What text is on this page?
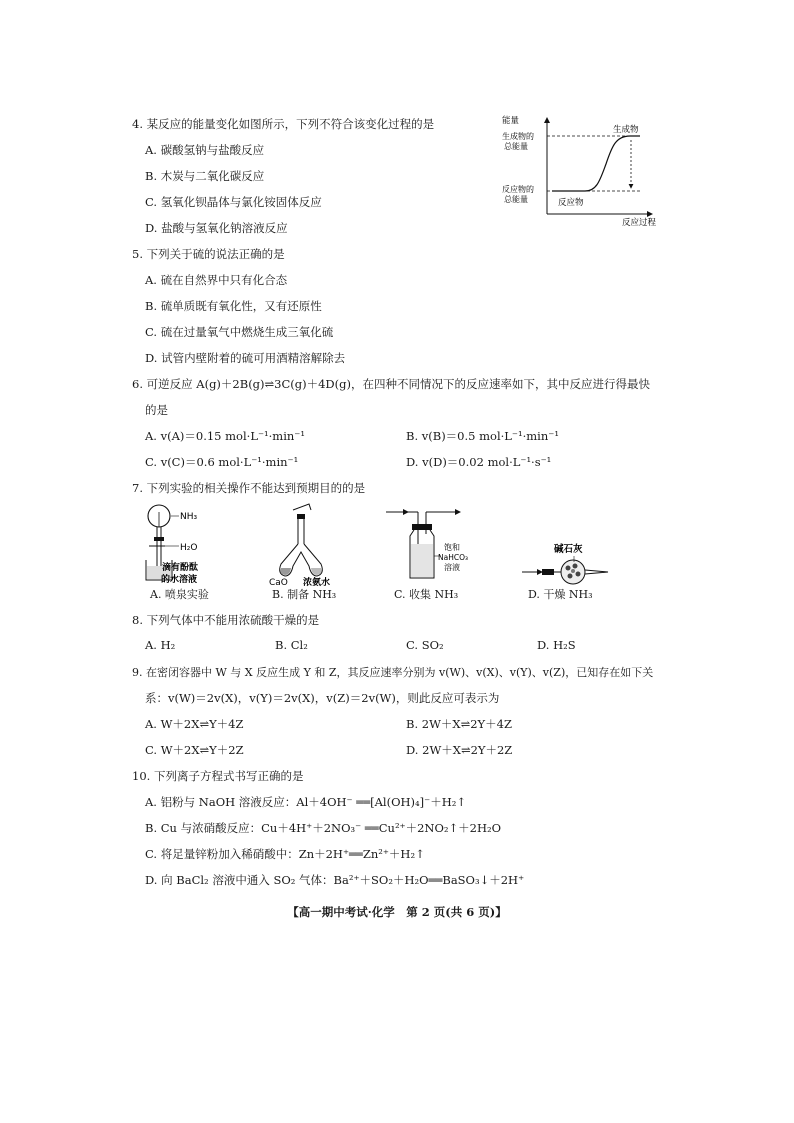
4. 某反应的能量变化如图所示，下列不符合该变化过程的是
A. 碳酸氢钠与盐酸反应
B. 木炭与二氧化碳反应
C. 氢氧化钡晶体与氯化铵固体反应
D. 盐酸与氢氧化钠溶液反应
能量
生成物的总能量
反应物的总能量
生成物
反应物
反应过程
5. 下列关于硫的说法正确的是
A. 硫在自然界中只有化合态
B. 硫单质既有氧化性，又有还原性
C. 硫在过量氧气中燃烧生成三氧化硫
D. 试管内壁附着的硫可用酒精溶解除去
6. 可逆反应 A(g)＋2B(g)⇌3C(g)＋4D(g)，在四种不同情况下的反应速率如下，其中反应进行得最快
的是
A. v(A)＝0.15 mol·L⁻¹·min⁻¹	B. v(B)＝0.5 mol·L⁻¹·min⁻¹
C. v(C)＝0.6 mol·L⁻¹·min⁻¹	D. v(D)＝0.02 mol·L⁻¹·s⁻¹
7. 下列实验的相关操作不能达到预期目的的是
NH₃
H₂O
滴有酚酞
的水溶液
A. 喷泉实验
CaO 浓氨水
B. 制备 NH₃
饱和
NaHCO₃
溶液
C. 收集 NH₃
碱石灰
D. 干燥 NH₃
8. 下列气体中不能用浓硫酸干燥的是
A. H₂	B. Cl₂	C. SO₂	D. H₂S
9. 在密闭容器中 W 与 X 反应生成 Y 和 Z，其反应速率分别为 v(W)、v(X)、v(Y)、v(Z)，已知存在如下关
系：v(W)＝2v(X)，v(Y)＝2v(X)，v(Z)＝2v(W)，则此反应可表示为
A. W＋2X⇌Y＋4Z	B. 2W＋X⇌2Y＋4Z
C. W＋2X⇌Y＋2Z	D. 2W＋X⇌2Y＋2Z
10. 下列离子方程式书写正确的是
A. 铝粉与 NaOH 溶液反应：Al＋4OH⁻ ══[Al(OH)₄]⁻＋H₂↑
B. Cu 与浓硝酸反应：Cu＋4H⁺＋2NO₃⁻ ══Cu²⁺＋2NO₂↑＋2H₂O
C. 将足量锌粉加入稀硝酸中：Zn＋2H⁺══Zn²⁺＋H₂↑
D. 向 BaCl₂ 溶液中通入 SO₂ 气体：Ba²⁺＋SO₂＋H₂O══BaSO₃↓＋2H⁺
【高一期中考试·化学　第 2 页(共 6 页)】
